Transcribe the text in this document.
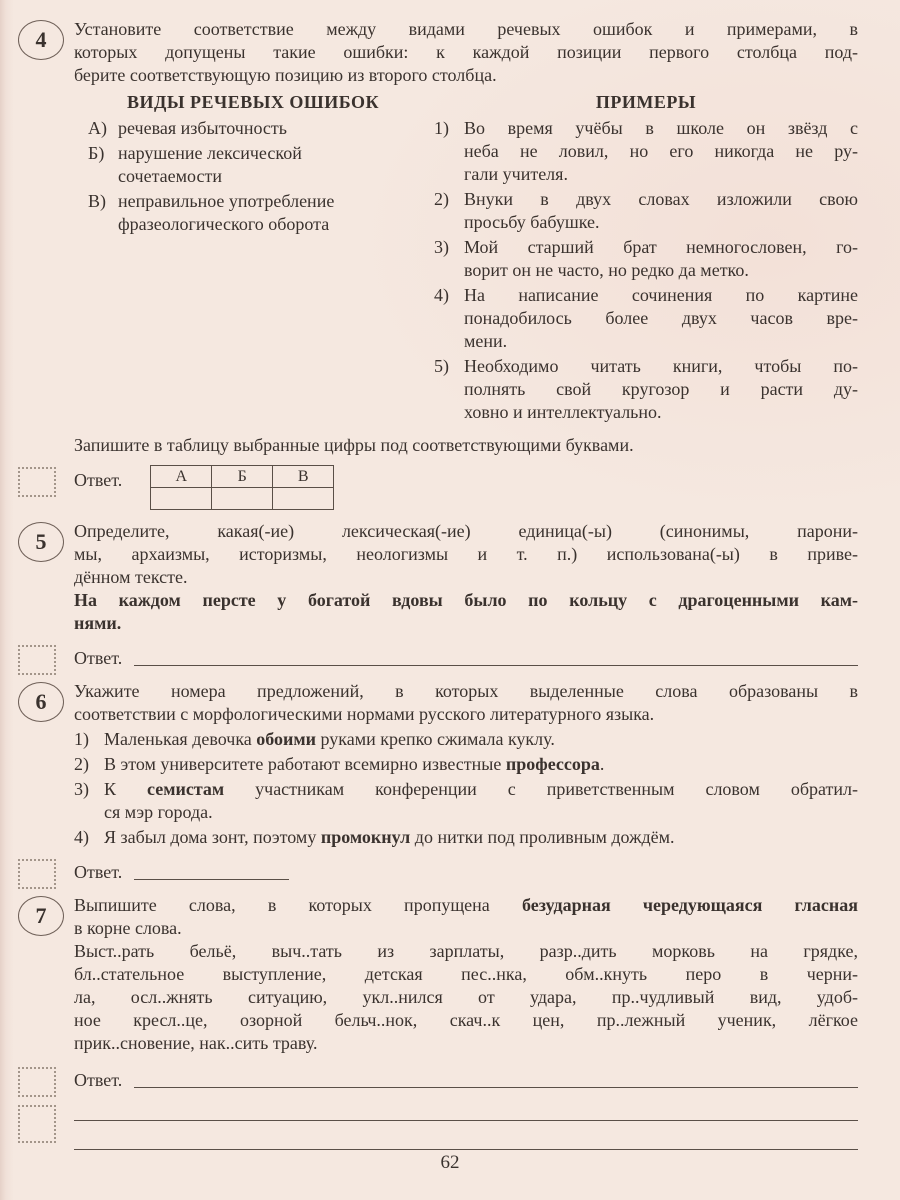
4	Установите соответствие между видами речевых ошибок и примерами, в
которых допущены такие ошибки: к каждой позиции первого столбца под-
берите соответствующую позицию из второго столбца.

ВИДЫ РЕЧЕВЫХ ОШИБОК
А) речевая избыточность
Б) нарушение лексической
сочетаемости
В) неправильное употребление
фразеологического оборота
ПРИМЕРЫ
1) Во время учёбы в школе он звёзд с
неба не ловил, но его никогда не ру-
гали учителя.
2) Внуки в двух словах изложили свою
просьбу бабушке.
3) Мой старший брат немногословен, го-
ворит он не часто, но редко да метко.
4) На написание сочинения по картине
понадобилось более двух часов вре-
мени.
5) Необходимо читать книги, чтобы по-
полнять свой кругозор и расти ду-
ховно и интеллектуально.

Запишите в таблицу выбранные цифры под соответствующими буквами.

Ответ.	А	Б	В

5	Определите, какая(-ие) лексическая(-ие) единица(-ы) (синонимы, парони-
мы, архаизмы, историзмы, неологизмы и т. п.) использована(-ы) в приве-
дённом тексте.

На каждом персте у богатой вдовы было по кольцу с драгоценными кам-
нями.

Ответ.
6	Укажите номера предложений, в которых выделенные слова образованы в
соответствии с морфологическими нормами русского литературного языка.

1) Маленькая девочка обоими руками крепко сжимала куклу.
2) В этом университете работают всемирно известные профессора.
3) К семистам участникам конференции с приветственным словом обратил-
ся мэр города.
4) Я забыл дома зонт, поэтому промокнул до нитки под проливным дождём.
Ответ.
7	Выпишите слова, в которых пропущена безударная чередующаяся гласная
в корне слова.

Выст..рать бельё, выч..тать из зарплаты, разр..дить морковь на грядке,
бл..стательное выступление, детская пес..нка, обм..кнуть перо в черни-
ла, осл..жнять ситуацию, укл..нился от удара, пр..чудливый вид, удоб-
ное кресл..це, озорной бельч..нок, скач..к цен, пр..лежный ученик, лёгкое
прик..сновение, нак..сить траву.

Ответ.
62
